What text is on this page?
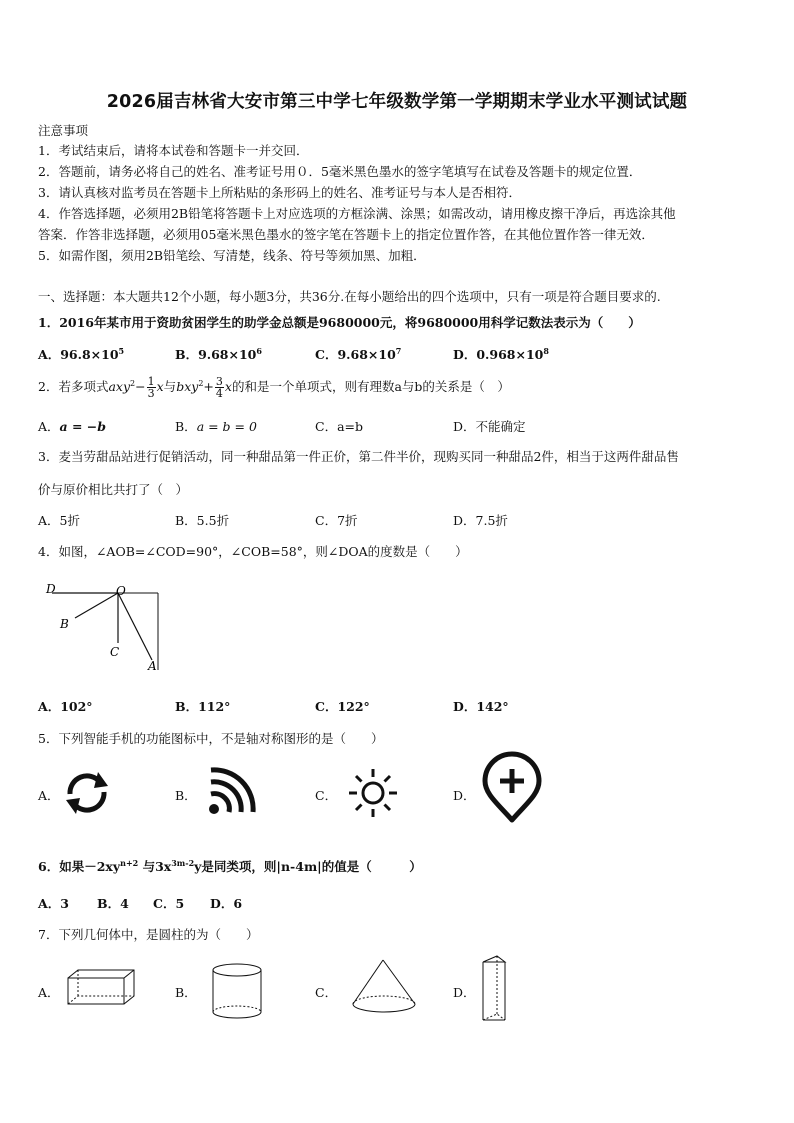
2026届吉林省大安市第三中学七年级数学第一学期期末学业水平测试试题
注意事项
1．考试结束后，请将本试卷和答题卡一并交回．
2．答题前，请务必将自己的姓名、准考证号用０．5毫米黑色墨水的签字笔填写在试卷及答题卡的规定位置．
3．请认真核对监考员在答题卡上所粘贴的条形码上的姓名、准考证号与本人是否相符．
4．作答选择题，必须用2B铅笔将答题卡上对应选项的方框涂满、涂黑；如需改动，请用橡皮擦干净后，再选涂其他
答案．作答非选择题，必须用05毫米黑色墨水的签字笔在答题卡上的指定位置作答，在其他位置作答一律无效．
5．如需作图，须用2B铅笔绘、写清楚，线条、符号等须加黑、加粗．
一、选择题：本大题共12个小题，每小题3分，共36分.在每小题给出的四个选项中，只有一项是符合题目要求的.
1．2016年某市用于资助贫困学生的助学金总额是9680000元，将9680000用科学记数法表示为（　　）
A．$96.8\times 10^5$	B．$9.68\times 10^6$	C．$9.68\times 10^7$	D．$0.968\times 10^8$
2．若多项式$axy^2- \frac{1}{3}$ x与$bxy^2+ \frac{3}{4}$ x的和是一个单项式，则有理数a与b的关系是（　）
A．a = −b	B．a = b = 0	C．a=b	D．不能确定
3．麦当劳甜品站进行促销活动，同一种甜品第一件正价，第二件半价，现购买同一种甜品2件，相当于这两件甜品售
价与原价相比共打了（　）
A．5折	B．5.5折	C．7折	D．7.5折
4．如图，∠AOB=∠COD=90°，∠COB=58°，则∠DOA的度数是（　　）
D	O
B
C
A
A．102°	B．112°	C．122°	D．142°
5．下列智能手机的功能图标中，不是轴对称图形的是（　　）
A．	B．	C．	D．
6．如果$-2xy^{n+2}$ 与$3x^{3m-2}y$是同类项，则|n-4m|的值是（　　　）
A．3 B．4 C．5 D．6
7．下列几何体中，是圆柱的为（　　）
A．	B．	C．	D．
